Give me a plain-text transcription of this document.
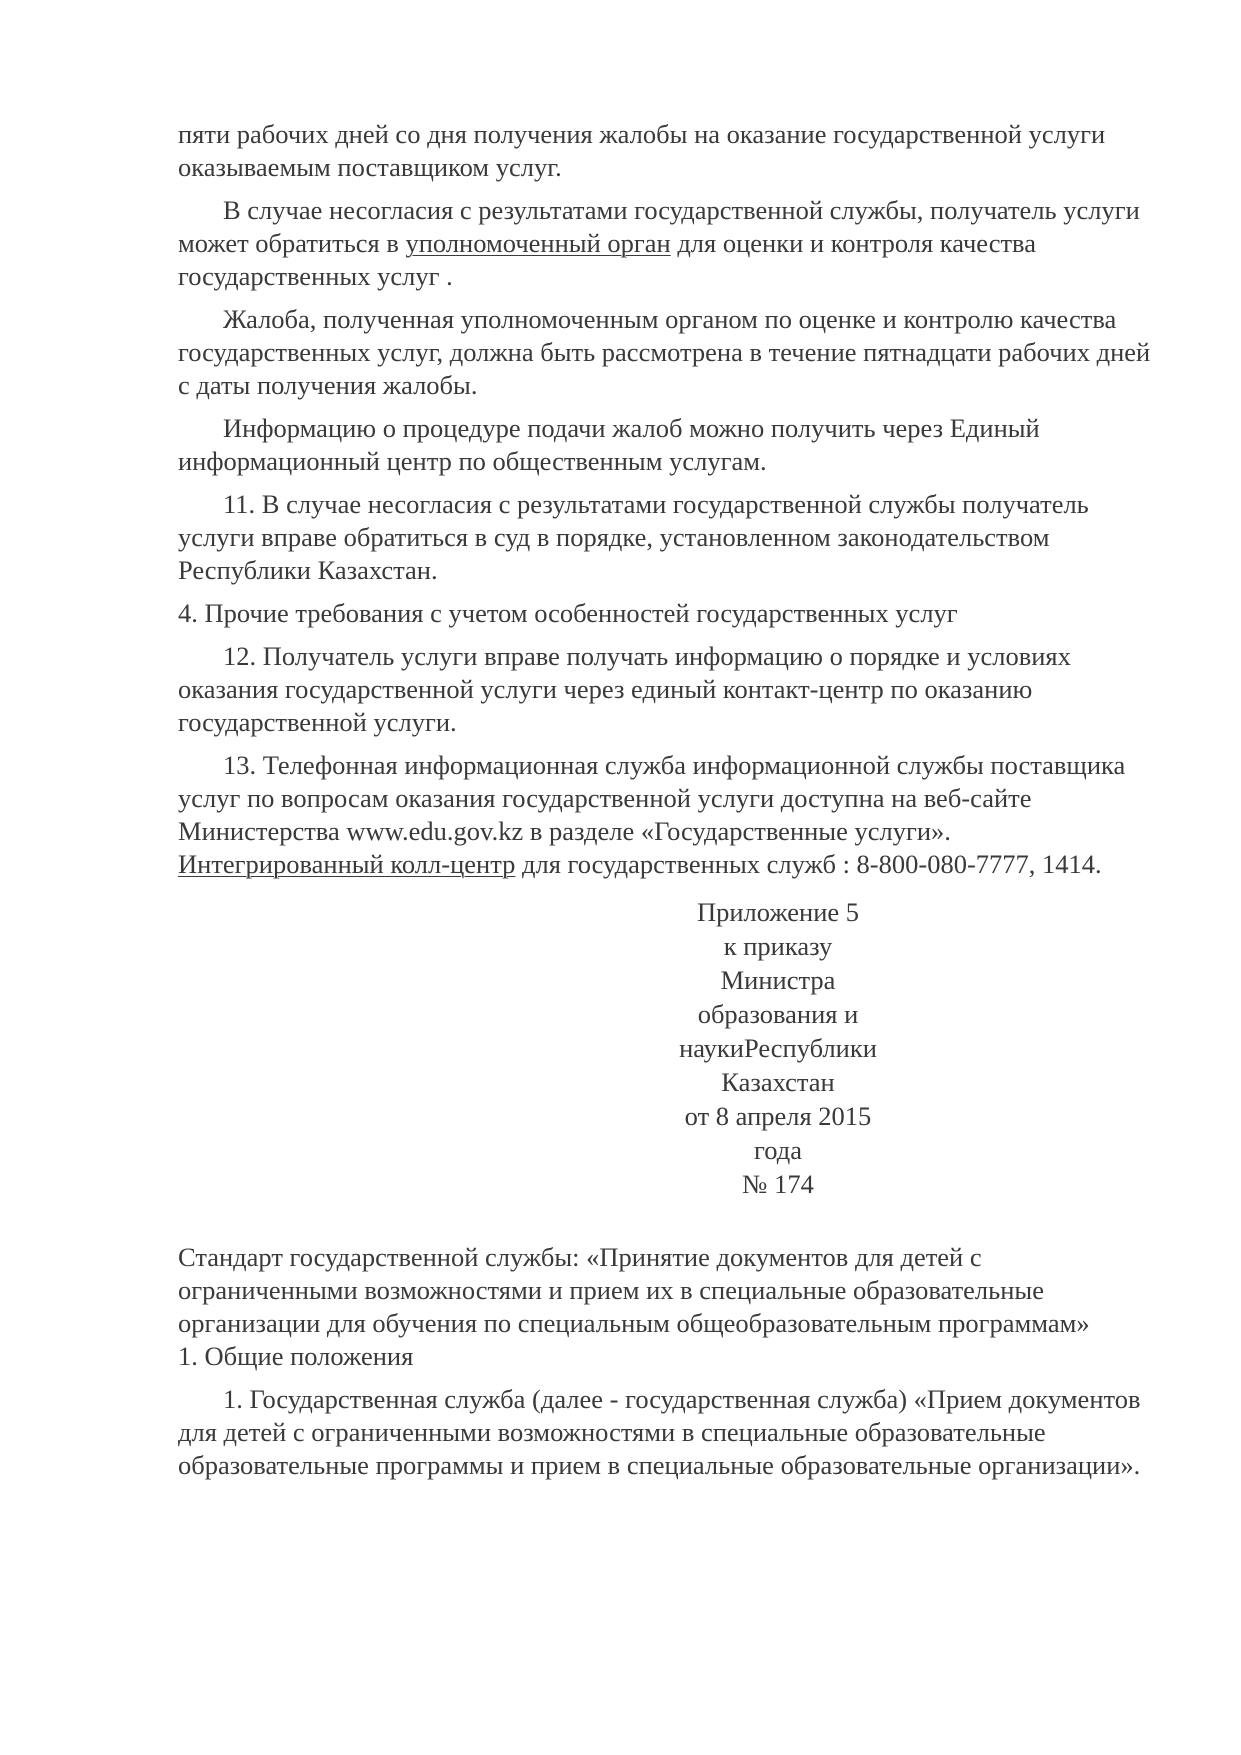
пяти рабочих дней со дня получения жалобы на оказание государственной услуги оказываемым поставщиком услуг.

В случае несогласия с результатами государственной службы, получатель услуги может обратиться в уполномоченный орган для оценки и контроля качества государственных услуг .

Жалоба, полученная уполномоченным органом по оценке и контролю качества государственных услуг, должна быть рассмотрена в течение пятнадцати рабочих дней с даты получения жалобы.

Информацию о процедуре подачи жалоб можно получить через Единый информационный центр по общественным услугам.

11. В случае несогласия с результатами государственной службы получатель услуги вправе обратиться в суд в порядке, установленном законодательством Республики Казахстан.

4. Прочие требования с учетом особенностей государственных услуг

12. Получатель услуги вправе получать информацию о порядке и условиях оказания государственной услуги через единый контакт-центр по оказанию государственной услуги.

13. Телефонная информационная служба информационной службы поставщика услуг по вопросам оказания государственной услуги доступна на веб-сайте Министерства www.edu.gov.kz в разделе «Государственные услуги». Интегрированный колл-центр для государственных служб : 8-800-080-7777, 1414.

Приложение 5
к приказу
Министра
образования и
наукиРеспублики
Казахстан
от 8 апреля 2015
года
№ 174

Стандарт государственной службы: «Принятие документов для детей с ограниченными возможностями и прием их в специальные образовательные организации для обучения по специальным общеобразовательным программам»

1. Общие положения

1. Государственная служба (далее - государственная служба) «Прием документов для детей с ограниченными возможностями в специальные образовательные образовательные программы и прием в специальные образовательные организации».
